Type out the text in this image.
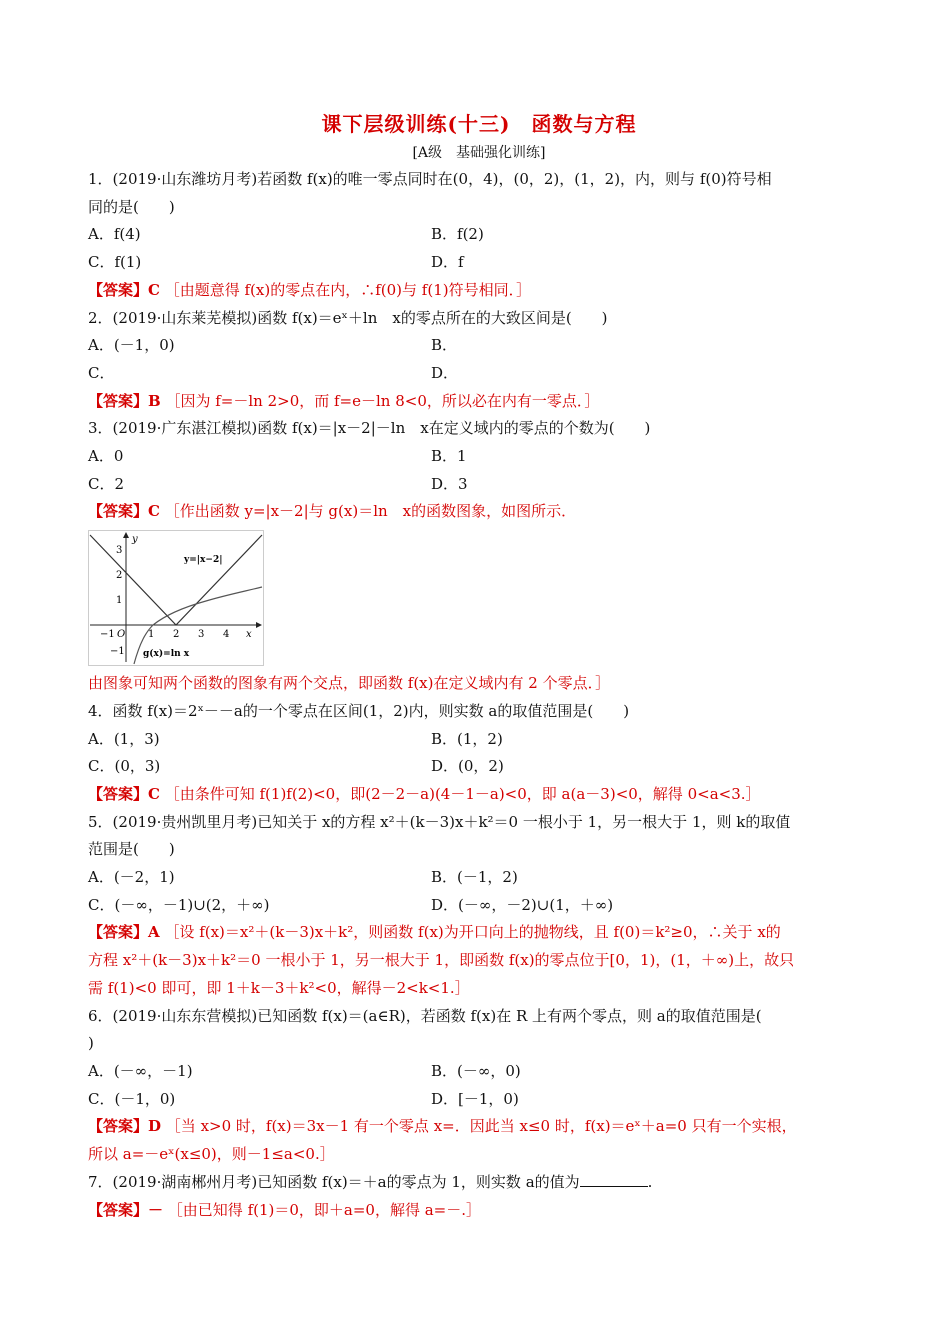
课下层级训练(十三)　函数与方程
[A级　基础强化训练]
1．(2019·山东潍坊月考)若函数 f(x)的唯一零点同时在(0，4)，(0，2)，(1，2)，内，则与 f(0)符号相
同的是(　　)
A．f(4)	B．f(2)
C．f(1)	D．f
【答案】C ［由题意得 f(x)的零点在内，∴f(0)与 f(1)符号相同．］
2．(2019·山东莱芜模拟)函数 f(x)＝eˣ＋ln　x的零点所在的大致区间是(　　)
A．(－1，0)	B．
C．	D．
【答案】B ［因为 f=－ln 2>0，而 f=e－ln 8<0，所以必在内有一零点．］
3．(2019·广东湛江模拟)函数 f(x)＝|x－2|－ln　x在定义域内的零点的个数为(　　)
A．0	B．1
C．2	D．3
【答案】C ［作出函数 y=|x－2|与 g(x)＝ln　x的函数图象，如图所示．
−1 O 1 2 3 4 x
3
2
1
−1
y
y=|x−2|
g(x)=ln x
由图象可知两个函数的图象有两个交点，即函数 f(x)在定义域内有 2 个零点．］
4．函数 f(x)＝2ˣ－－a的一个零点在区间(1，2)内，则实数 a的取值范围是(　　)
A．(1，3)	B．(1，2)
C．(0，3)	D．(0，2)
【答案】C ［由条件可知 f(1)f(2)<0，即(2－2－a)(4－1－a)<0，即 a(a－3)<0，解得 0<a<3.］
5．(2019·贵州凯里月考)已知关于 x的方程 x²＋(k－3)x＋k²＝0 一根小于 1，另一根大于 1，则 k的取值
范围是(　　)
A．(－2，1)	B．(－1，2)
C．(－∞，－1)∪(2，＋∞)	D．(－∞，－2)∪(1，＋∞)
【答案】A ［设 f(x)＝x²＋(k－3)x＋k²，则函数 f(x)为开口向上的抛物线，且 f(0)＝k²≥0，∴关于 x的
方程 x²＋(k－3)x＋k²＝0 一根小于 1，另一根大于 1，即函数 f(x)的零点位于[0，1)，(1，＋∞)上，故只
需 f(1)<0 即可，即 1＋k－3＋k²<0，解得－2<k<1.］
6．(2019·山东东营模拟)已知函数 f(x)＝(a∈R)，若函数 f(x)在 R 上有两个零点，则 a的取值范围是(
)
A．(－∞，－1)	B．(－∞，0)
C．(－1，0)	D．[－1，0)
【答案】D ［当 x>0 时，f(x)＝3x－1 有一个零点 x=．因此当 x≤0 时，f(x)＝eˣ＋a=0 只有一个实根，
所以 a=－eˣ(x≤0)，则－1≤a<0.］
7．(2019·湖南郴州月考)已知函数 f(x)＝＋a的零点为 1，则实数 a的值为	.
【答案】－ ［由已知得 f(1)＝0，即＋a=0，解得 a=－.］
